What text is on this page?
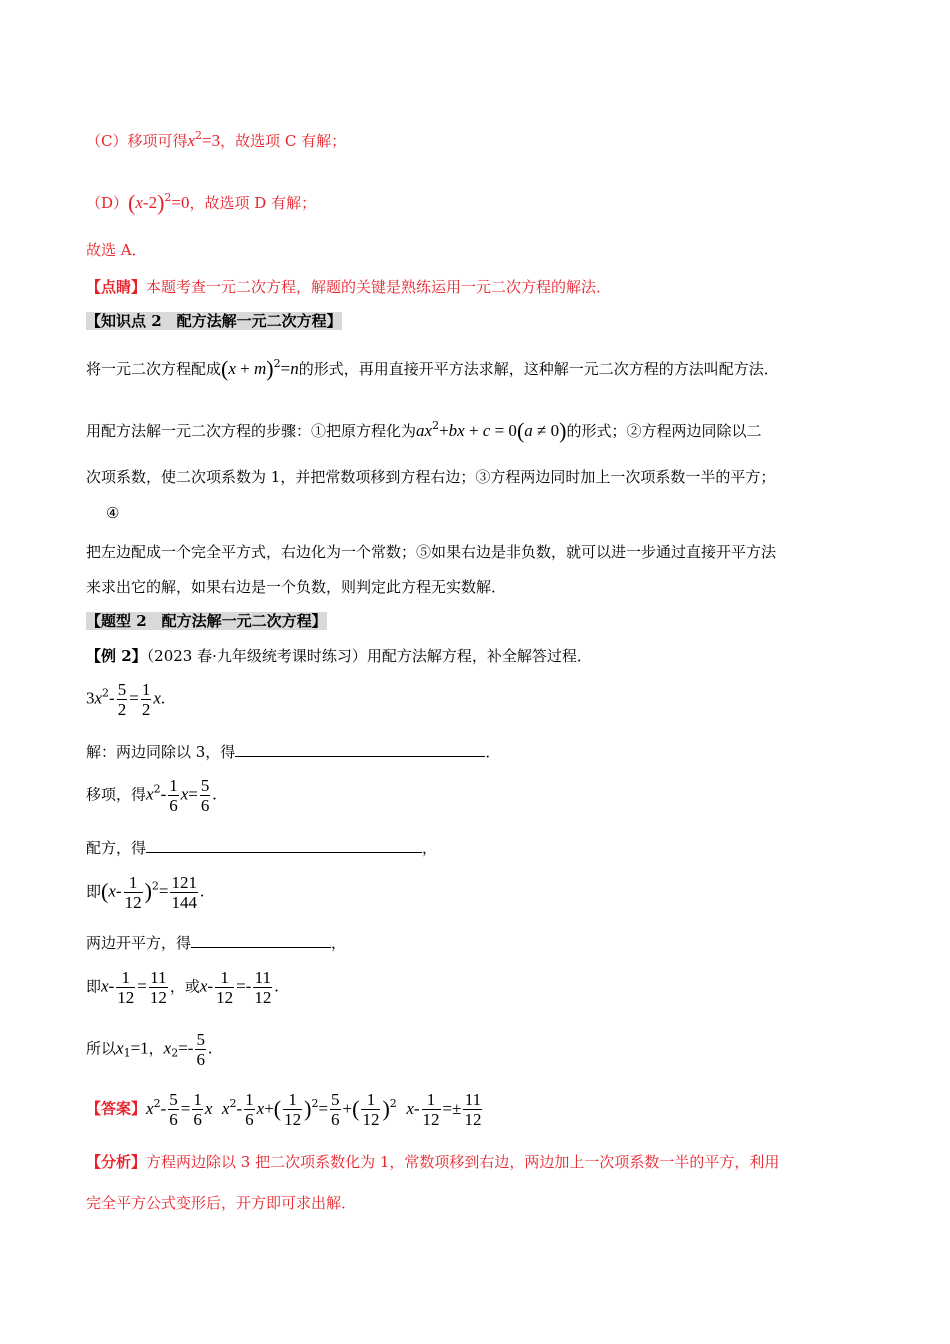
（C）移项可得$x^2=3$，故选项 C 有解；
$(D)(x-2)^2=0$，故选项 D 有解；
故选 A．
【点睛】本题考查一元二次方程，解题的关键是熟练运用一元二次方程的解法．
【知识点 2　配方法解一元二次方程】
将一元二次方程配成$(x + m)^2=n$的形式，再用直接开平方法求解，这种解一元二次方程的方法叫配方法．
用配方法解一元二次方程的步骤：①把原方程化为$ax^2+bx + c = 0(a \ne 0)$的形式；②方程两边同除以二
次项系数，使二次项系数为 1，并把常数项移到方程右边；③方程两边同时加上一次项系数一半的平方；
④
把左边配成一个完全平方式，右边化为一个常数；⑤如果右边是非负数，就可以进一步通过直接开平方法
来求出它的解，如果右边是一个负数，则判定此方程无实数解．
【题型 2　配方法解一元二次方程】
【例 2】（2023 春·九年级统考课时练习）用配方法解方程，补全解答过程．
$3x^2- \frac{5}{2} = \frac{1}{2} x$.
解：两边同除以 3，得	．
移项，得$x^2- \frac{1}{6} x= \frac{5}{6}$ .
配方，得	，
即$(x- \frac{1}{12} )^2= \frac{121}{144}$ .
两边开平方，得	，
即$x- \frac{1}{12} = \frac{11}{12}$ ，或$x- \frac{1}{12} =- \frac{11}{12}$ .
所以$x_1=1$，$x_2=- \frac{5}{6}$ .
【答案】$x^2- \frac{5}{6} = \frac{1}{6}$ x $x^2- \frac{1}{6} x+( \frac{1}{12} )^2= \frac{5}{6}$ +( $\frac{1}{12} )^2$ $x- \frac{1}{12} =\pm \frac{11}{12}$
【分析】方程两边除以 3 把二次项系数化为 1，常数项移到右边，两边加上一次项系数一半的平方，利用
完全平方公式变形后，开方即可求出解．
